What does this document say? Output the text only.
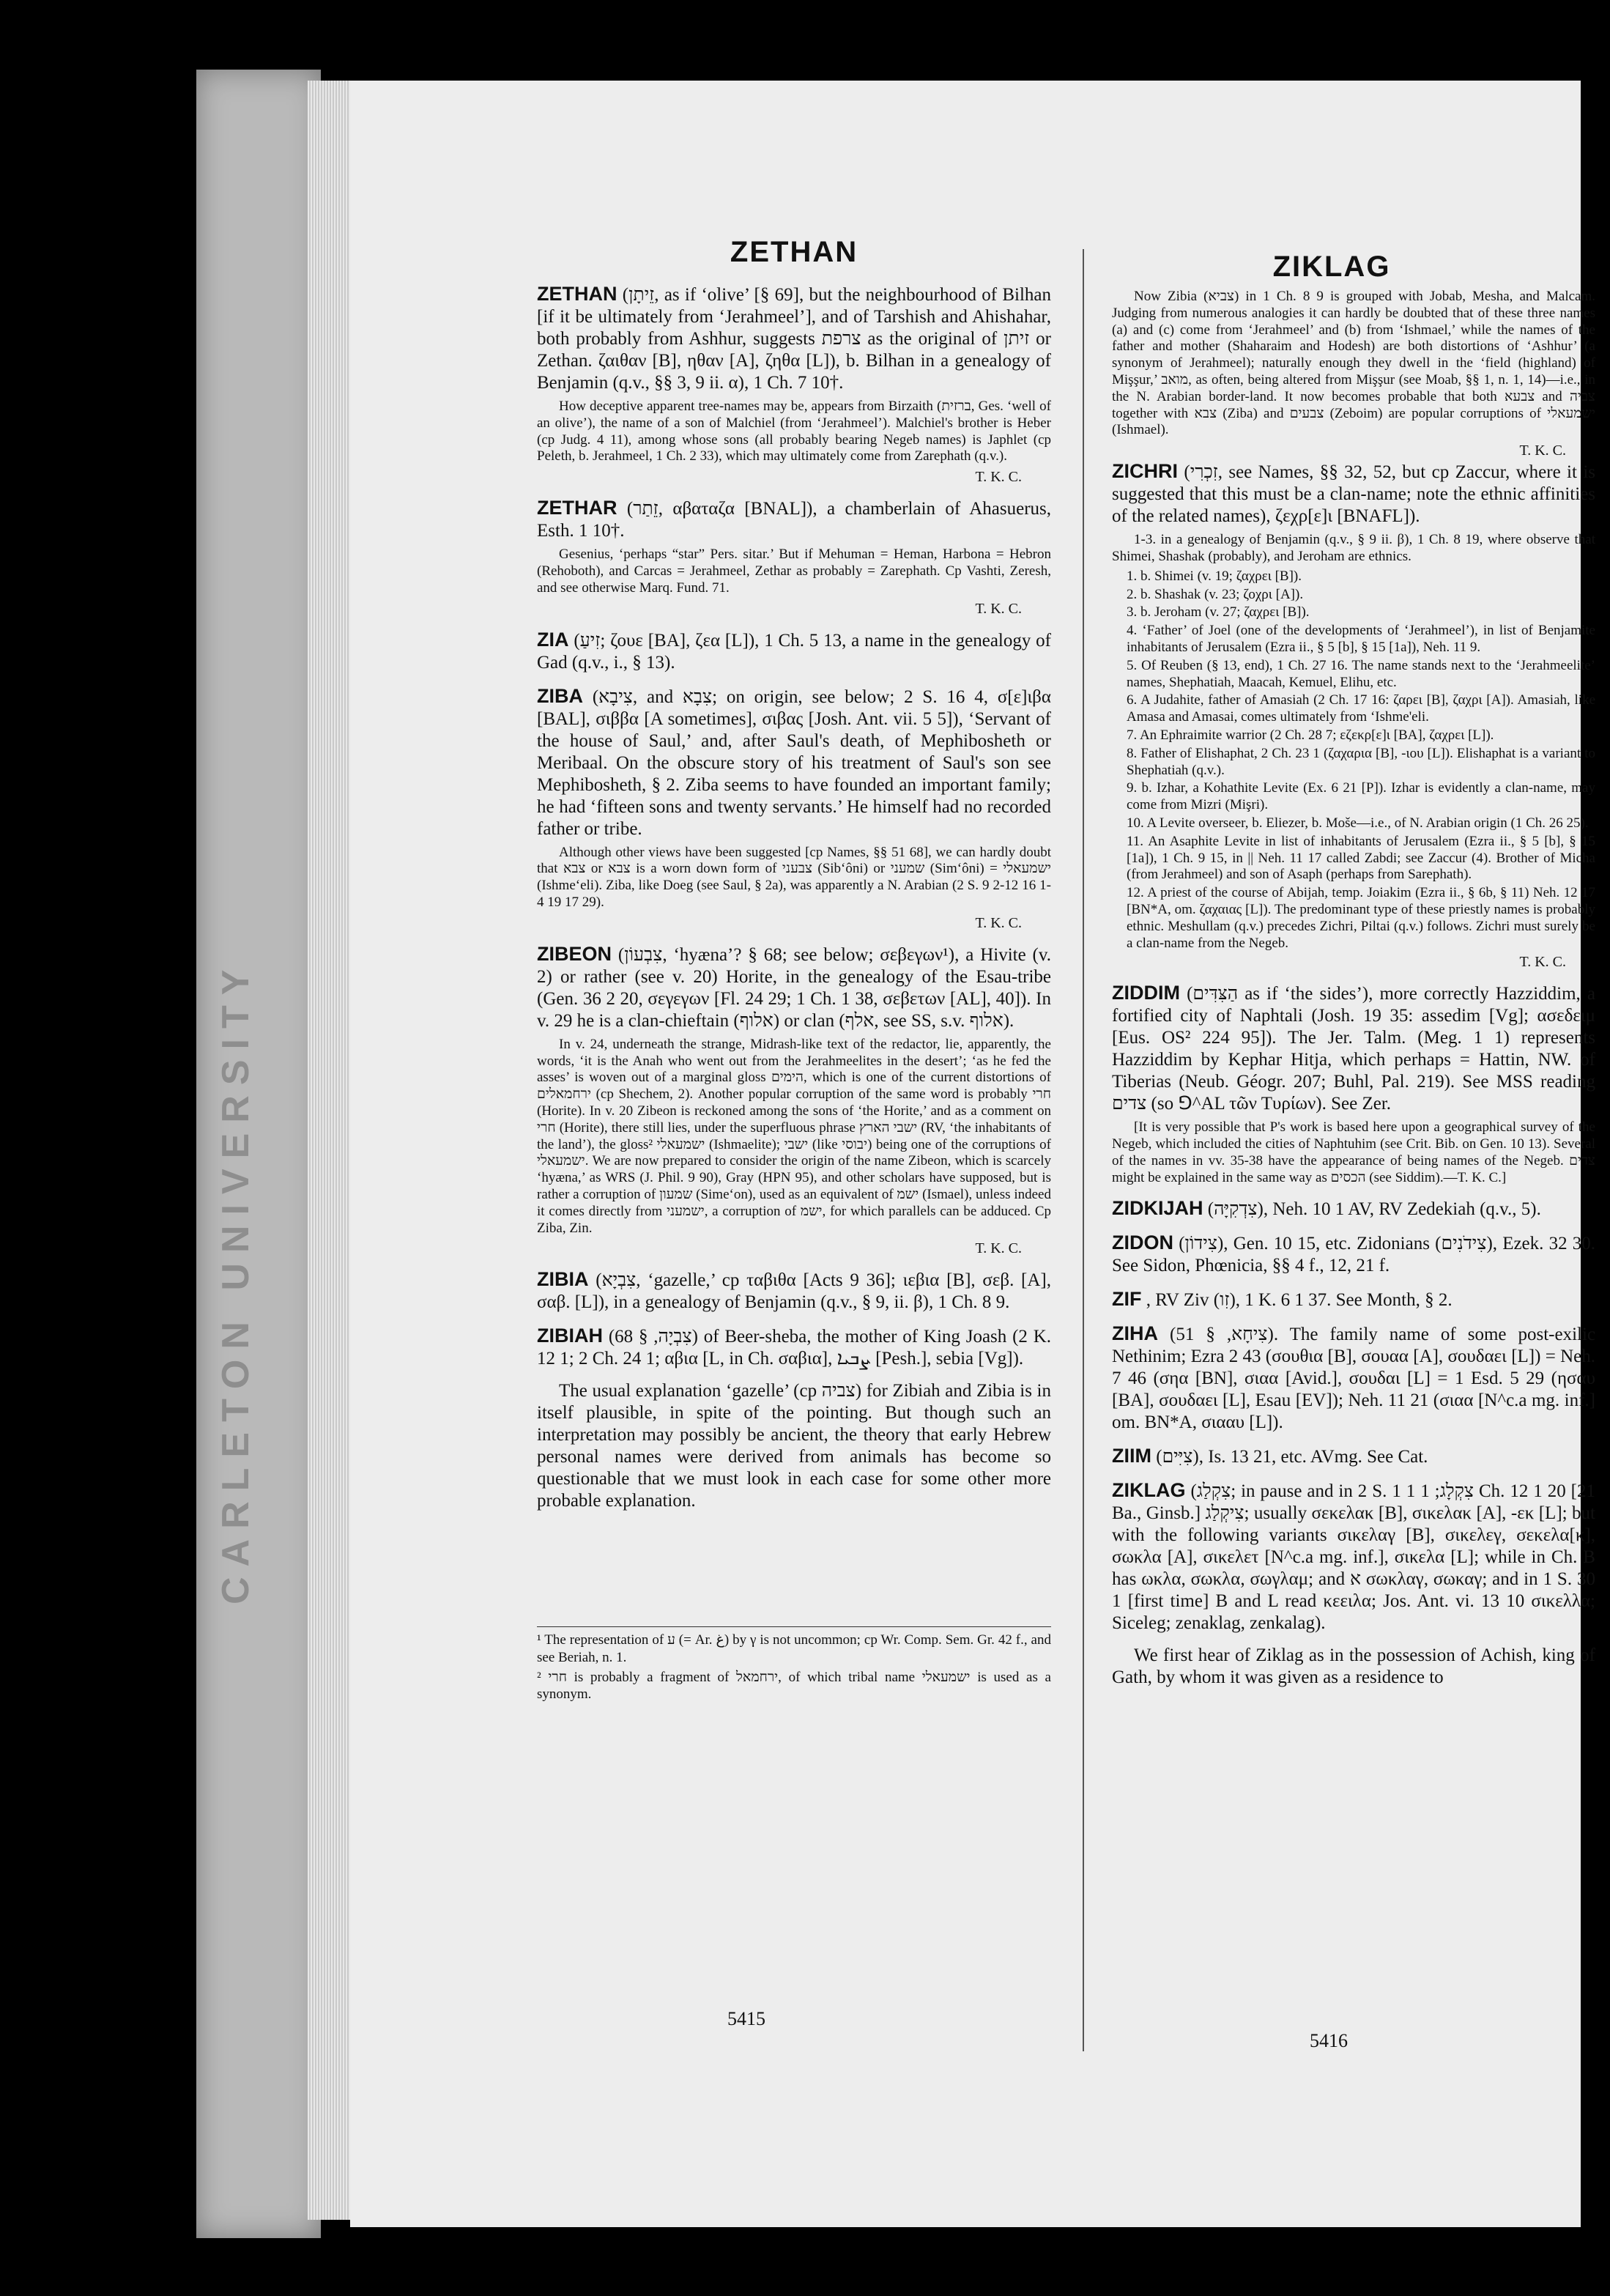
CARLETON UNIVERSITY
ZETHAN

ZETHAN (זֵיתָן, as if ‘olive’ [§ 69], but the neighbourhood of Bilhan [if it be ultimately from ‘Jerahmeel’], and of Tarshish and Ahishahar, both probably from Ashhur, suggests צרפת as the original of זיתן or Zethan. ζαιθαν [B], ηθαν [A], ζηθα [L]), b. Bilhan in a genealogy of Benjamin (q.v., §§ 3, 9 ii. α), 1 Ch. 7 10†.

How deceptive apparent tree-names may be, appears from Birzaith (ברזית, Ges. ‘well of an olive’), the name of a son of Malchiel (from ‘Jerahmeel’). Malchiel's brother is Heber (cp Judg. 4 11), among whose sons (all probably bearing Negeb names) is Japhlet (cp Peleth, b. Jerahmeel, 1 Ch. 2 33), which may ultimately come from Zarephath (q.v.).

T. K. C.

ZETHAR (זֵתַר, αβαταζα [BNAL]), a chamberlain of Ahasuerus, Esth. 1 10†.

Gesenius, ‘perhaps “star” Pers. sitar.’ But if Mehuman = Heman, Harbona = Hebron (Rehoboth), and Carcas = Jerahmeel, Zethar as probably = Zarephath. Cp Vashti, Zeresh, and see otherwise Marq. Fund. 71.

T. K. C.

ZIA (זִיעַ; ζουε [BA], ζεα [L]), 1 Ch. 5 13, a name in the genealogy of Gad (q.v., i., § 13).

ZIBA (צִיבָא, and צִבָא; on origin, see below; 2 S. 16 4, σ[ε]ιβα [BAL], σιββα [A sometimes], σιβας [Josh. Ant. vii. 5 5]), ‘Servant of the house of Saul,’ and, after Saul's death, of Mephibosheth or Meribaal. On the obscure story of his treatment of Saul's son see Mephibosheth, § 2. Ziba seems to have founded an important family; he had ‘fifteen sons and twenty servants.’ He himself had no recorded father or tribe.

Although other views have been suggested [cp Names, §§ 51 68], we can hardly doubt that צבא or צבא is a worn down form of צבעני (Sib‘ôni) or שמעני (Sim‘ôni) = ישמעאלי (Ishme‘eli). Ziba, like Doeg (see Saul, § 2a), was apparently a N. Arabian (2 S. 9 2-12 16 1-4 19 17 29).

T. K. C.

ZIBEON (צִבְעוֹן, ‘hyæna’? § 68; see below; σεβεγων¹), a Hivite (v. 2) or rather (see v. 20) Horite, in the genealogy of the Esau-tribe (Gen. 36 2 20, σεγεγων [Fl. 24 29; 1 Ch. 1 38, σεβετων [AL], 40]). In v. 29 he is a clan-chieftain (אלוף) or clan (אלף, see SS, s.v. אלוף).

In v. 24, underneath the strange, Midrash-like text of the redactor, lie, apparently, the words, ‘it is the Anah who went out from the Jerahmeelites in the desert’; ‘as he fed the asses’ is woven out of a marginal gloss הימים, which is one of the current distortions of ירחמאלים (cp Shechem, 2). Another popular corruption of the same word is probably חרי (Horite). In v. 20 Zibeon is reckoned among the sons of ‘the Horite,’ and as a comment on חרי (Horite), there still lies, under the superfluous phrase ישבי הארץ (RV, ‘the inhabitants of the land’), the gloss² ישמעאלי (Ishmaelite); ישבי (like יבוסי) being one of the corruptions of ישמעאלי. We are now prepared to consider the origin of the name Zibeon, which is scarcely ‘hyæna,’ as WRS (J. Phil. 9 90), Gray (HPN 95), and other scholars have supposed, but is rather a corruption of שמעון (Sime‘on), used as an equivalent of ישמ (Ismael), unless indeed it comes directly from ישמעני, a corruption of ישמ, for which parallels can be adduced. Cp Ziba, Zin.

T. K. C.

ZIBIA (צִבְיָא, ‘gazelle,’ cp ταβιθα [Acts 9 36]; ιεβια [B], σεβ. [A], σαβ. [L]), in a genealogy of Benjamin (q.v., § 9, ii. β), 1 Ch. 8 9.

ZIBIAH (צִבְיָה, § 68) of Beer-sheba, the mother of King Joash (2 K. 12 1; 2 Ch. 24 1; αβια [L, in Ch. σαβια], ܨܒܝܐ [Pesh.], sebia [Vg]).

The usual explanation ‘gazelle’ (cp צביה) for Zibiah and Zibia is in itself plausible, in spite of the pointing. But though such an interpretation may possibly be ancient, the theory that early Hebrew personal names were derived from animals has become so questionable that we must look in each case for some other more probable explanation.

¹ The representation of ע (= Ar. غ) by γ is not uncommon; cp Wr. Comp. Sem. Gr. 42 f., and see Beriah, n. 1.

² חרי is probably a fragment of ירחמאל, of which tribal name ישמעאלי is used as a synonym.

5415
ZIKLAG

Now Zibia (צביא) in 1 Ch. 8 9 is grouped with Jobab, Mesha, and Malcam. Judging from numerous analogies it can hardly be doubted that of these three names (a) and (c) come from ‘Jerahmeel’ and (b) from ‘Ishmael,’ while the names of the father and mother (Shaharaim and Hodesh) are both distortions of ‘Ashhur’ (a synonym of Jerahmeel); naturally enough they dwell in the ‘field (highland) of Mişşur,’ מואב, as often, being altered from Mişşur (see Moab, §§ 1, n. 1, 14)—i.e., in the N. Arabian border-land. It now becomes probable that both צבעא and צביה together with צבא (Ziba) and צבעים (Zeboim) are popular corruptions of ישמעאלי (Ishmael).

T. K. C.

ZICHRI (זִכְרִי, see Names, §§ 32, 52, but cp Zaccur, where it is suggested that this must be a clan-name; note the ethnic affinities of the related names), ζεχρ[ε]ι [BNAFL]).

1-3. in a genealogy of Benjamin (q.v., § 9 ii. β), 1 Ch. 8 19, where observe that Shimei, Shashak (probably), and Jeroham are ethnics.

1. b. Shimei (v. 19; ζαχρει [B]).
2. b. Shashak (v. 23; ζοχρι [A]).
3. b. Jeroham (v. 27; ζαχρει [B]).
4. ‘Father’ of Joel (one of the developments of ‘Jerahmeel’), in list of Benjamite inhabitants of Jerusalem (Ezra ii., § 5 [b], § 15 [1a]), Neh. 11 9.
5. Of Reuben (§ 13, end), 1 Ch. 27 16. The name stands next to the ‘Jerahmeelite’ names, Shephatiah, Maacah, Kemuel, Elihu, etc.
6. A Judahite, father of Amasiah (2 Ch. 17 16: ζαρει [B], ζαχρι [A]). Amasiah, like Amasa and Amasai, comes ultimately from ‘Ishme'eli.
7. An Ephraimite warrior (2 Ch. 28 7; εζεκρ[ε]ι [BA], ζαχρει [L]).
8. Father of Elishaphat, 2 Ch. 23 1 (ζαχαρια [B], -ιου [L]). Elishaphat is a variant to Shephatiah (q.v.).
9. b. Izhar, a Kohathite Levite (Ex. 6 21 [P]). Izhar is evidently a clan-name, may come from Mizri (Mişri).
10. A Levite overseer, b. Eliezer, b. Moše—i.e., of N. Arabian origin (1 Ch. 26 25).
11. An Asaphite Levite in list of inhabitants of Jerusalem (Ezra ii., § 5 [b], § 15 [1a]), 1 Ch. 9 15, in || Neh. 11 17 called Zabdi; see Zaccur (4). Brother of Micha (from Jerahmeel) and son of Asaph (perhaps from Sarephath).
12. A priest of the course of Abijah, temp. Joiakim (Ezra ii., § 6b, § 11) Neh. 12 17 [BN*A, om. ζαχαιας [L]). The predominant type of these priestly names is probably ethnic. Meshullam (q.v.) precedes Zichri, Piltai (q.v.) follows. Zichri must surely be a clan-name from the Negeb.
T. K. C.

ZIDDIM (הַצִּדִּים as if ‘the sides’), more correctly Hazziddim, a fortified city of Naphtali (Josh. 19 35: assedim [Vg]; ασεδειμ [Eus. OS² 224 95]). The Jer. Talm. (Meg. 1 1) represents Hazziddim by Kephar Hitja, which perhaps = Hattin, NW. of Tiberias (Neub. Géogr. 207; Buhl, Pal. 219). See MSS reading צדים (so ⅁^AL τῶν Τυρίων). See Zer.

[It is very possible that P's work is based here upon a geographical survey of the Negeb, which included the cities of Naphtuhim (see Crit. Bib. on Gen. 10 13). Several of the names in vv. 35-38 have the appearance of being names of the Negeb. צדים might be explained in the same way as הכסים (see Siddim).—T. K. C.]

ZIDKIJAH (צִדְקִיָּה), Neh. 10 1 AV, RV Zedekiah (q.v., 5).

ZIDON (צִידוֹן), Gen. 10 15, etc. Zidonians (צִידֹנִים), Ezek. 32 30. See Sidon, Phœnicia, §§ 4 f., 12, 21 f.

ZIF , RV Ziv (זִו), 1 K. 6 1 37. See Month, § 2.

ZIHA (צִיחָא, § 51). The family name of some post-exilic Nethinim; Ezra 2 43 (σουθια [B], σουαα [A], σουδαει [L]) = Neh. 7 46 (σηα [BN], σιαα [Avid.], σουδαι [L] = 1 Esd. 5 29 (ησαυ [BA], σουδαει [L], Esau [EV]); Neh. 11 21 (σιαα [N^c.a mg. inf.] om. BN*A, σιααυ [L]).

ZIIM (צִיִּים), Is. 13 21, etc. AVmg. See Cat.

ZIKLAG (צִקְלַג; in pause and in 2 S. 1 1 צִקְלָג; 1 Ch. 12 1 20 [21 Ba., Ginsb.] צִיקְלַג; usually σεκελακ [B], σικελακ [A], -εκ [L]; but with the following variants σικελαγ [B], σικελεγ, σεκελα[κ], σωκλα [A], σικελετ [N^c.a mg. inf.], σικελα [L]; while in Ch. B has ωκλα, σωκλα, σωγλαμ; and א σωκλαγ, σωκαγ; and in 1 S. 30 1 [first time] B and L read κεειλα; Jos. Ant. vi. 13 10 σικελλα; Siceleg; zenaklag, zenkalag).

We first hear of Ziklag as in the possession of Achish, king of Gath, by whom it was given as a residence to

5416
